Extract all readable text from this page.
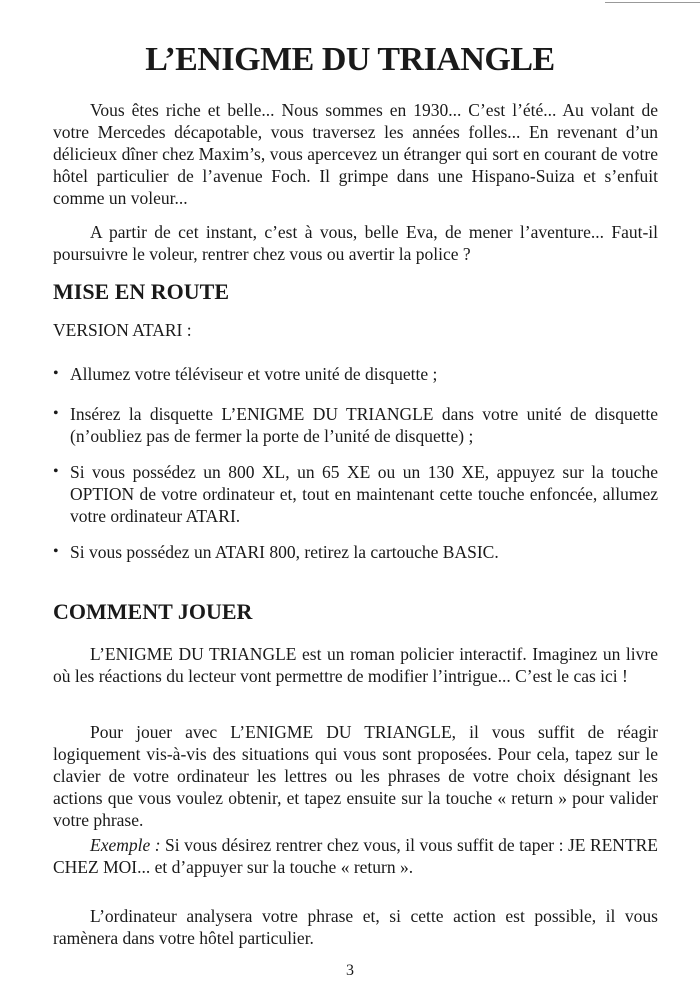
L’ENIGME DU TRIANGLE

Vous êtes riche et belle... Nous sommes en 1930... C’est l’été... Au volant de votre Mercedes décapotable, vous traversez les années folles... En revenant d’un délicieux dîner chez Maxim’s, vous apercevez un étranger qui sort en courant de votre hôtel particulier de l’avenue Foch. Il grimpe dans une Hispano-Suiza et s’enfuit comme un voleur...

A partir de cet instant, c’est à vous, belle Eva, de mener l’aventure... Faut-il poursuivre le voleur, rentrer chez vous ou avertir la police ?

MISE EN ROUTE

VERSION ATARI :

• Allumez votre téléviseur et votre unité de disquette ;
• Insérez la disquette L’ENIGME DU TRIANGLE dans votre unité de disquette (n’oubliez pas de fermer la porte de l’unité de disquette) ;
• Si vous possédez un 800 XL, un 65 XE ou un 130 XE, appuyez sur la touche OPTION de votre ordinateur et, tout en maintenant cette touche enfoncée, allumez votre ordinateur ATARI.
• Si vous possédez un ATARI 800, retirez la cartouche BASIC.
COMMENT JOUER

L’ENIGME DU TRIANGLE est un roman policier interactif. Imaginez un livre où les réactions du lecteur vont permettre de modifier l’intrigue... C’est le cas ici !

Pour jouer avec L’ENIGME DU TRIANGLE, il vous suffit de réagir logiquement vis-à-vis des situations qui vous sont proposées. Pour cela, tapez sur le clavier de votre ordinateur les lettres ou les phrases de votre choix désignant les actions que vous voulez obtenir, et tapez ensuite sur la touche « return » pour valider votre phrase.

Exemple : Si vous désirez rentrer chez vous, il vous suffit de taper : JE RENTRE CHEZ MOI... et d’appuyer sur la touche « return ».

L’ordinateur analysera votre phrase et, si cette action est possible, il vous ramènera dans votre hôtel particulier.

3
